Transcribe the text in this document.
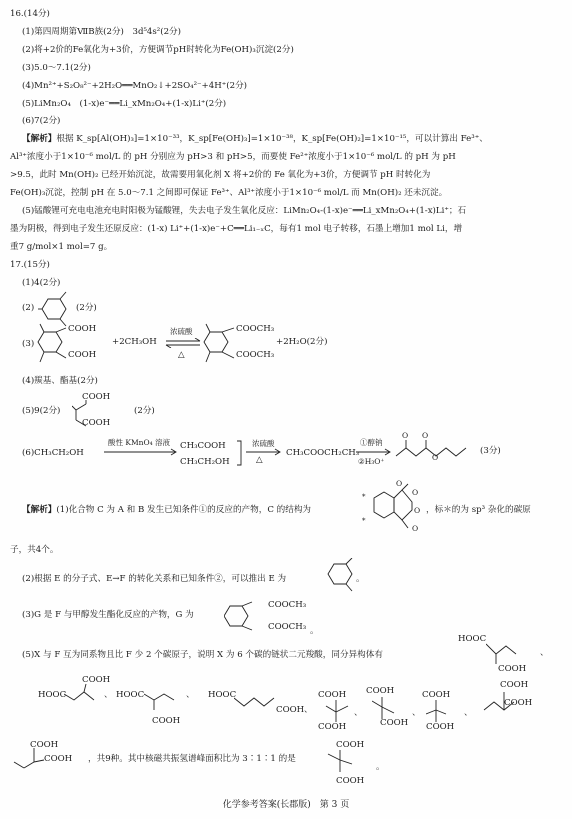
16.(14分)
(1)第四周期第ⅦB族(2分)　3d⁵4s²(2分)
(2)将+2价的Fe氧化为+3价，方便调节pH时转化为Fe(OH)₃沉淀(2分)
(3)5.0～7.1(2分)
(4)Mn²⁺+S₂O₈²⁻+2H₂O══MnO₂↓+2SO₄²⁻+4H⁺(2分)
(5)LiMn₂O₄　(1-x)e⁻══Li_xMn₂O₄+(1-x)Li⁺(2分)
(6)7(2分)
【解析】根据 K_sp[Al(OH)₃]=1×10⁻³³，K_sp[Fe(OH)₃]=1×10⁻³⁸，K_sp[Fe(OH)₂]=1×10⁻¹⁵，可以计算出 Fe³⁺、
Al³⁺浓度小于1×10⁻⁶ mol/L 的 pH 分别应为 pH>3 和 pH>5，而要使 Fe²⁺浓度小于1×10⁻⁶ mol/L 的 pH 为 pH
>9.5，此时 Mn(OH)₂ 已经开始沉淀，故需要用氧化剂 X 将+2价的 Fe 氧化为+3价，方便调节 pH 时转化为
Fe(OH)₃沉淀，控制 pH 在 5.0～7.1 之间即可保证 Fe³⁺、Al³⁺浓度小于1×10⁻⁶ mol/L 而 Mn(OH)₂ 还未沉淀。
(5)锰酸锂可充电电池充电时阳极为锰酸锂，失去电子发生氧化反应：LiMn₂O₄-(1-x)e⁻══Li_xMn₂O₄+(1-x)Li⁺；石
墨为阴极，得到电子发生还原反应：(1-x) Li⁺+(1-x)e⁻+C══Li₁₋ₓC，每有1 mol 电子转移，石墨上增加1 mol Li，增
重7 g/mol×1 mol=7 g。
17.(15分)
(1)4(2分)
(2)	(2分)
(3)
COOH
COOH
+2CH₃OH
浓硫酸
△
COOCH₃
COOCH₃
+2H₂O(2分)
(4)羰基、酯基(2分)
(5)9(2分)
COOH
COOH
(2分)
(6)CH₃CH₂OH
酸性 KMnO₄ 溶液 CH₃COOH
CH₃CH₂OH
浓硫酸
△
CH₃COOCH₂CH₃
①醇钠
②H₃O⁺
O O
O
(3分)
【解析】(1)化合物 C 为 A 和 B 发生已知条件①的反应的产物，C 的结构为
*
*
O
O
O
O
，标＊的为 sp³ 杂化的碳原
子，共4个。
(2)根据 E 的分子式、E→F 的转化关系和已知条件②，可以推出 E 为	。
(3)G 是 F 与甲醇发生酯化反应的产物，G 为
COOCH₃
COOCH₃ 。
(5)X 与 F 互为同系物且比 F 少 2 个碳原子，说明 X 为 6 个碳的链状二元羧酸，同分异构体有
HOOC
COOH
、
HOOC
COOH
、 HOOC
COOH
、 HOOC
COOH 、
COOH
COOH
、
COOH
COOH
、
COOH
COOH
、
COOH
COOH
COOH
COOH ，共9种。其中核磁共振氢谱峰面积比为 3∶1∶1 的是
COOH
COOH
。
化学参考答案(长郡版)　第 3 页
